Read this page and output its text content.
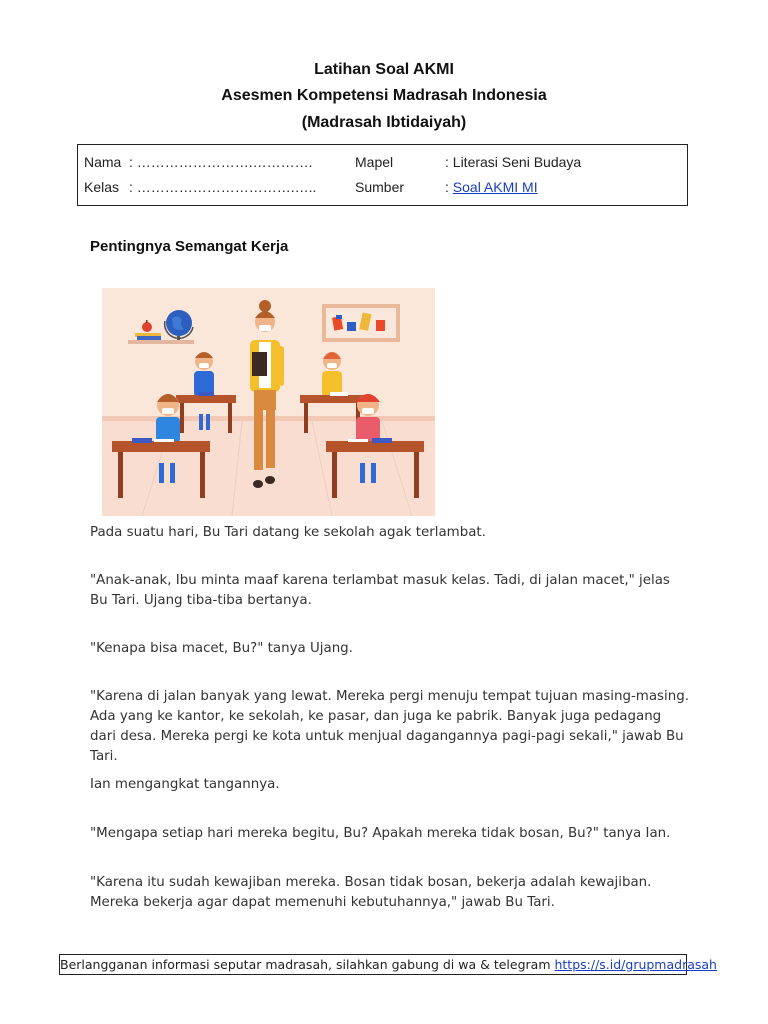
Latihan Soal AKMI
Asesmen Kompetensi Madrasah Indonesia
(Madrasah Ibtidaiyah)
Nama : …………………….………….
Kelas : …………………………….…..
Mapel	: Literasi Seni Budaya
Sumber	: Soal AKMI MI
Pentingnya Semangat Kerja
Pada suatu hari, Bu Tari datang ke sekolah agak terlambat.
"Anak-anak, Ibu minta maaf karena terlambat masuk kelas. Tadi, di jalan macet," jelas Bu Tari. Ujang tiba-tiba bertanya.
"Kenapa bisa macet, Bu?" tanya Ujang.
"Karena di jalan banyak yang lewat. Mereka pergi menuju tempat tujuan masing-masing. Ada yang ke kantor, ke sekolah, ke pasar, dan juga ke pabrik. Banyak juga pedagang dari desa. Mereka pergi ke kota untuk menjual dagangannya pagi-pagi sekali," jawab Bu Tari.
Ian mengangkat tangannya.
"Mengapa setiap hari mereka begitu, Bu? Apakah mereka tidak bosan, Bu?" tanya Ian.
"Karena itu sudah kewajiban mereka. Bosan tidak bosan, bekerja adalah kewajiban. Mereka bekerja agar dapat memenuhi kebutuhannya," jawab Bu Tari.
Berlangganan informasi seputar madrasah, silahkan gabung di wa & telegram https://s.id/grupmadrasah
